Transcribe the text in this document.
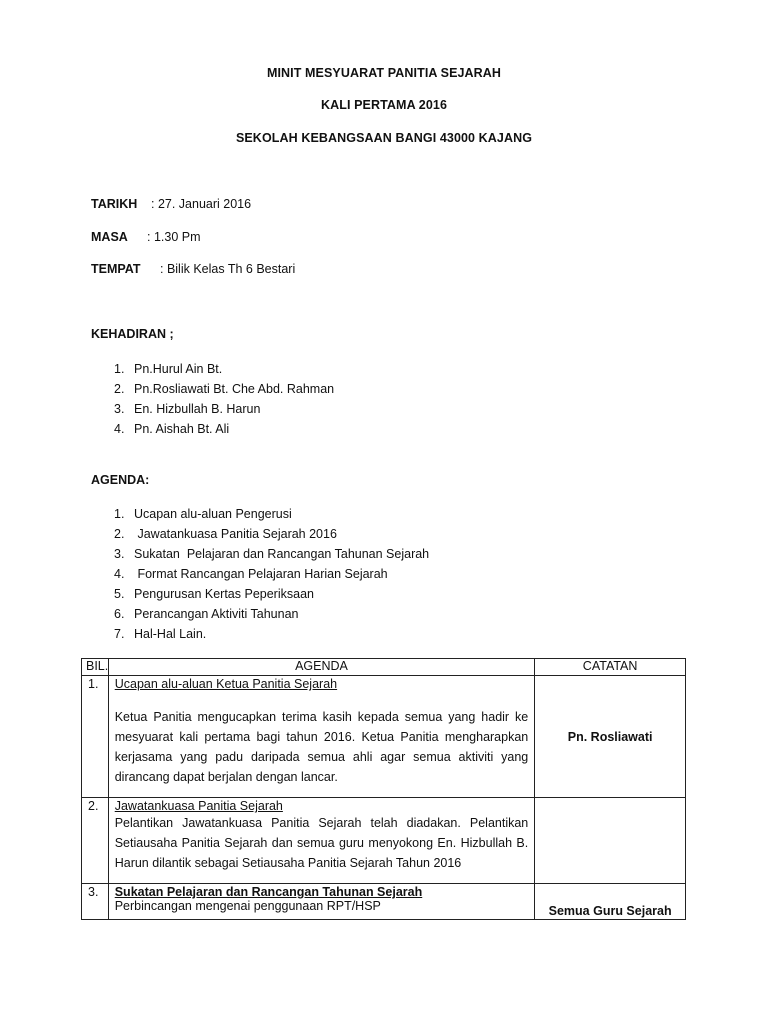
MINIT MESYUARAT PANITIA SEJARAH
KALI PERTAMA 2016
SEKOLAH KEBANGSAAN BANGI 43000 KAJANG
TARIKH : 27. Januari 2016
MASA : 1.30 Pm
TEMPAT : Bilik Kelas Th 6 Bestari
KEHADIRAN ;
1. Pn.Hurul Ain Bt.
2. Pn.Rosliawati Bt. Che Abd. Rahman
3. En. Hizbullah B. Harun
4. Pn. Aishah Bt. Ali
AGENDA:
1. Ucapan alu-aluan Pengerusi
2. Jawatankuasa Panitia Sejarah 2016
3. Sukatan  Pelajaran dan Rancangan Tahunan Sejarah
4. Format Rancangan Pelajaran Harian Sejarah
5. Pengurusan Kertas Peperiksaan
6. Perancangan Aktiviti Tahunan
7. Hal-Hal Lain.
BIL.	AGENDA	CATATAN
1.	Ucapan alu-aluan Ketua Panitia Sejarah
Ketua Panitia mengucapkan terima kasih kepada semua yang hadir ke mesyuarat kali pertama bagi tahun 2016. Ketua Panitia mengharapkan kerjasama yang padu daripada semua ahli agar semua aktiviti yang dirancang dapat berjalan dengan lancar.	Pn. Rosliawati
2.	Jawatankuasa Panitia Sejarah
Pelantikan Jawatankuasa Panitia Sejarah telah diadakan. Pelantikan Setiausaha Panitia Sejarah dan semua guru menyokong En. Hizbullah B. Harun dilantik sebagai Setiausaha Panitia Sejarah Tahun 2016	

3.	Sukatan Pelajaran dan Rancangan Tahunan Sejarah
Perbincangan mengenai penggunaan RPT/HSP	Semua Guru Sejarah
